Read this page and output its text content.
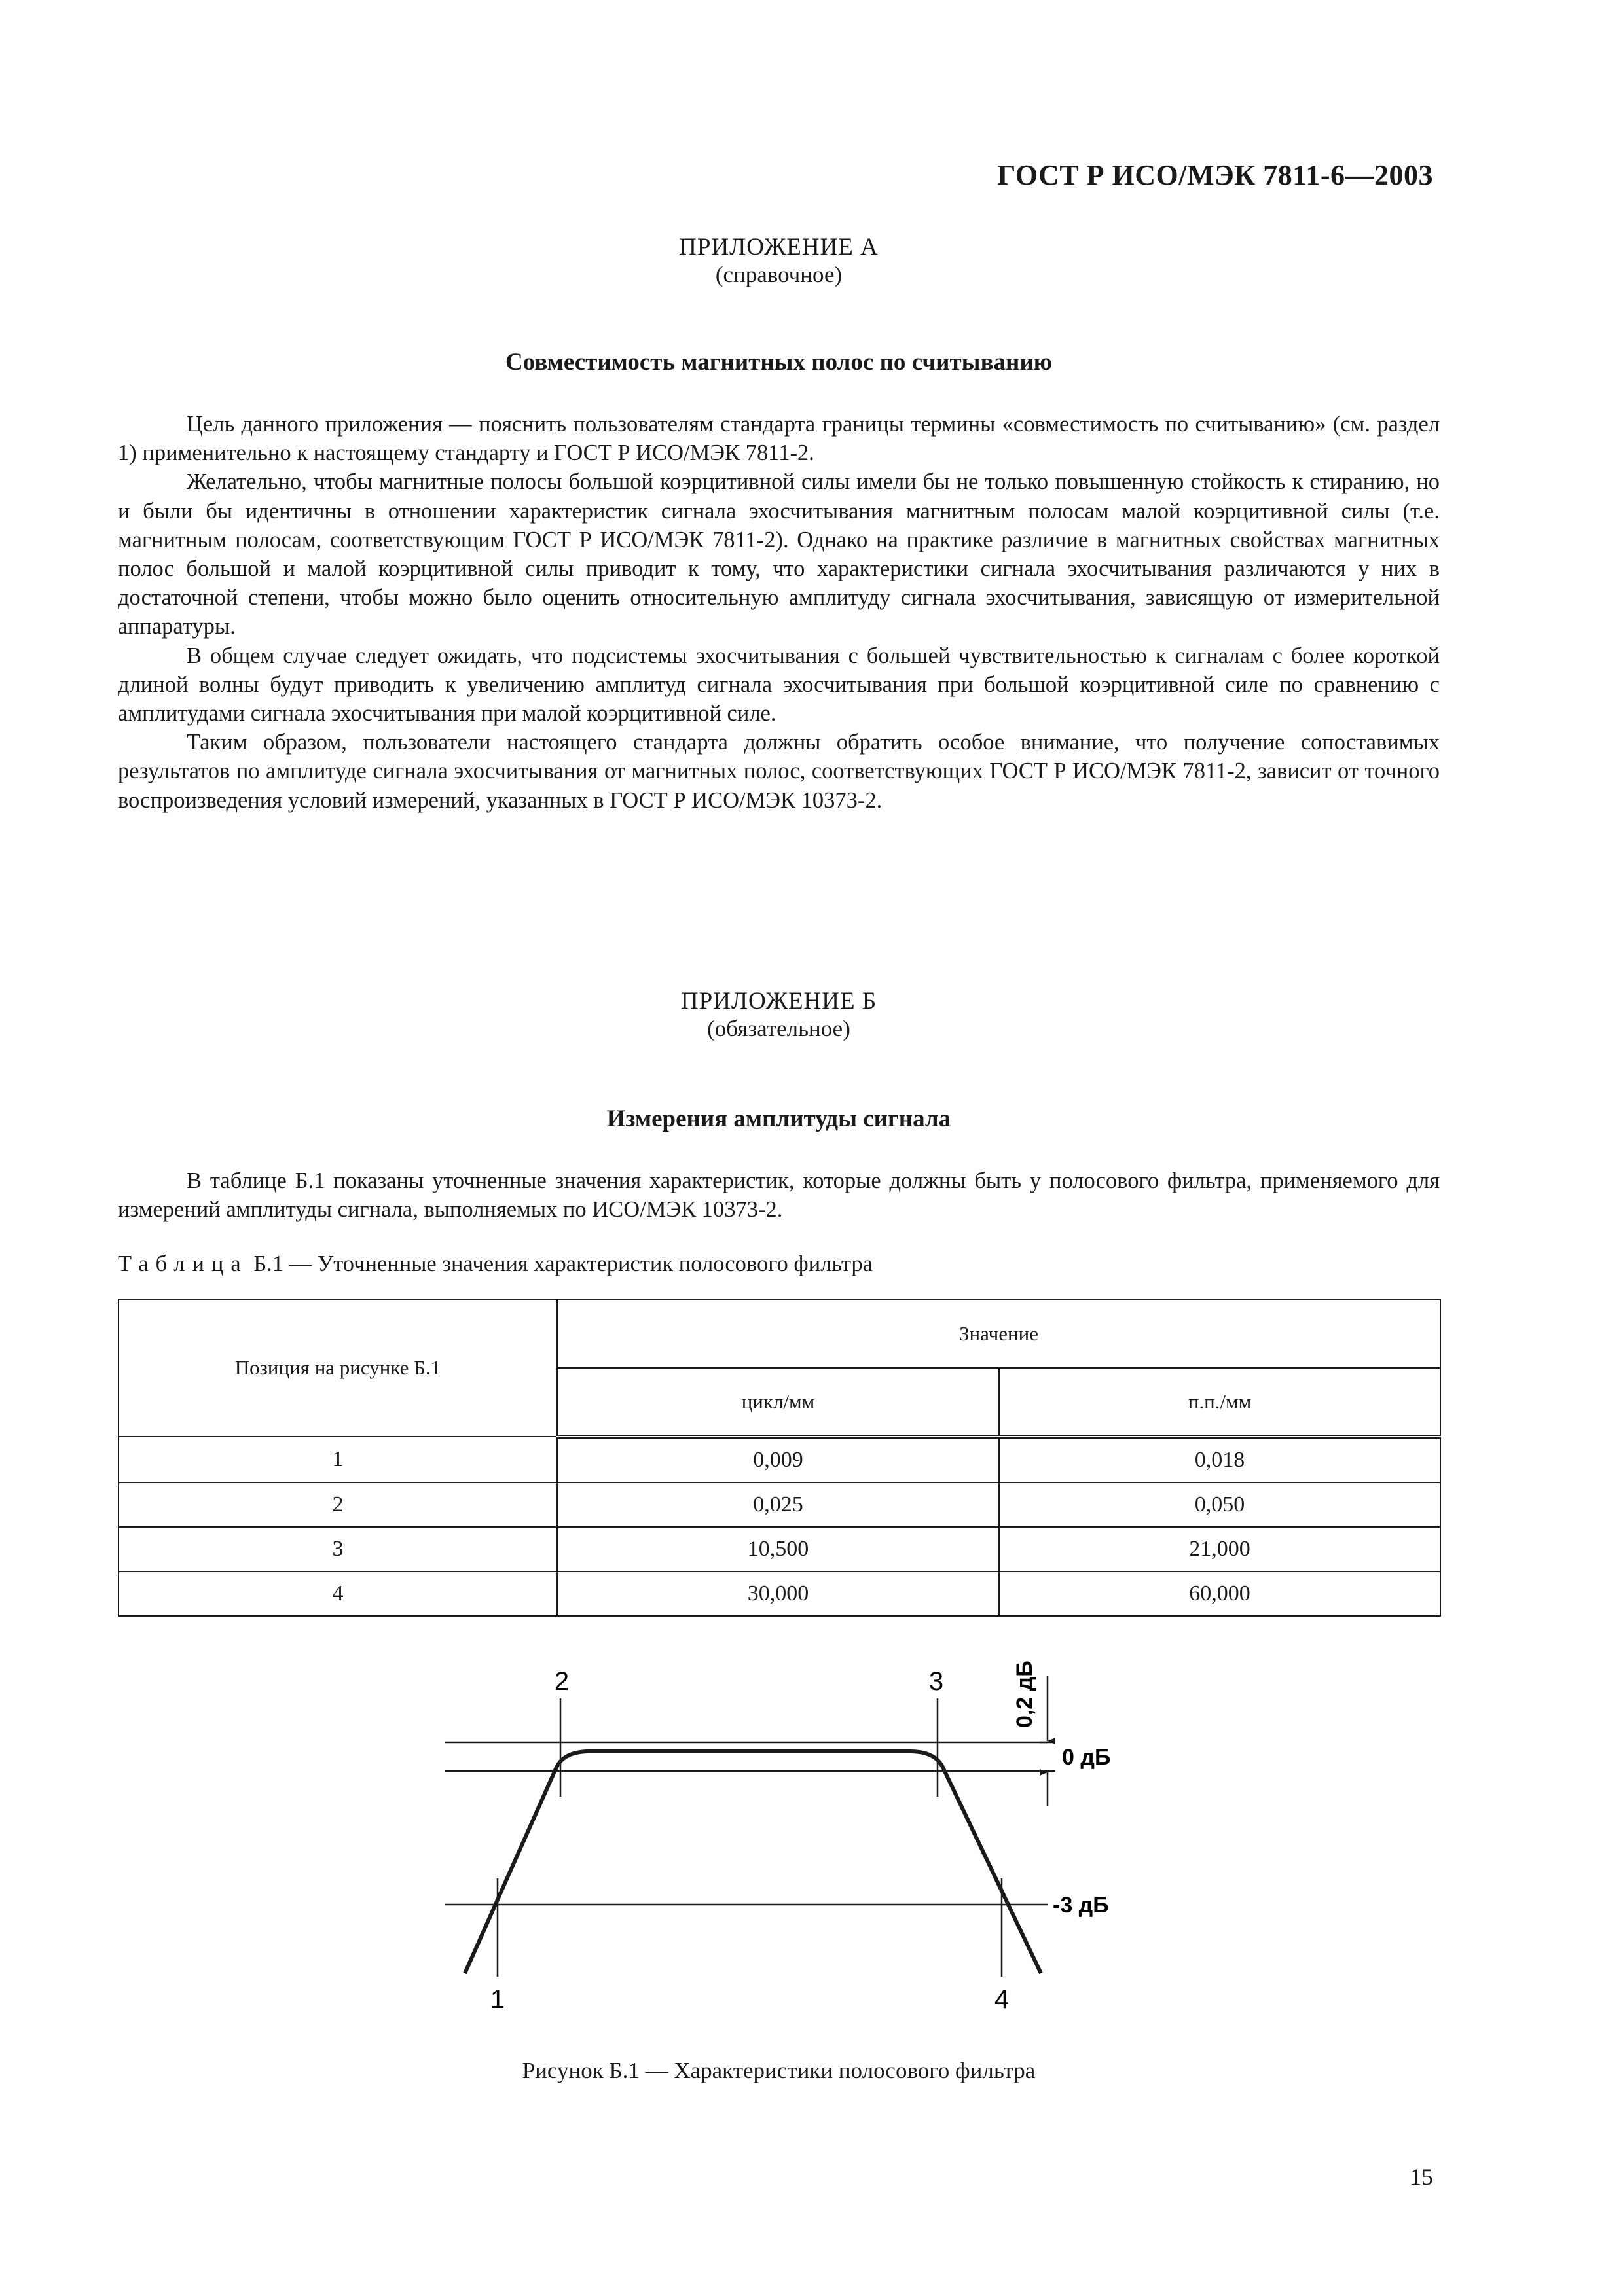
ГОСТ Р ИСО/МЭК 7811-6—2003
ПРИЛОЖЕНИЕ А
(справочное)
Совместимость магнитных полос по считыванию

Цель данного приложения — пояснить пользователям стандарта границы термины «совместимость по считыванию» (см. раздел 1) применительно к настоящему стандарту и ГОСТ Р ИСО/МЭК 7811-2.

Желательно, чтобы магнитные полосы большой коэрцитивной силы имели бы не только повышенную стойкость к стиранию, но и были бы идентичны в отношении характеристик сигнала эхосчитывания магнитным полосам малой коэрцитивной силы (т.е. магнитным полосам, соответствующим ГОСТ Р ИСО/МЭК 7811-2). Однако на практике различие в магнитных свойствах магнитных полос большой и малой коэрцитивной силы приводит к тому, что характеристики сигнала эхосчитывания различаются у них в достаточной степени, чтобы можно было оценить относительную амплитуду сигнала эхосчитывания, зависящую от измерительной аппаратуры.

В общем случае следует ожидать, что подсистемы эхосчитывания с большей чувствительностью к сигналам с более короткой длиной волны будут приводить к увеличению амплитуд сигнала эхосчитывания при большой коэрцитивной силе по сравнению с амплитудами сигнала эхосчитывания при малой коэрцитивной силе.

Таким образом, пользователи настоящего стандарта должны обратить особое внимание, что получение сопоставимых результатов по амплитуде сигнала эхосчитывания от магнитных полос, соответствующих ГОСТ Р ИСО/МЭК 7811-2, зависит от точного воспроизведения условий измерений, указанных в ГОСТ Р ИСО/МЭК 10373-2.

ПРИЛОЖЕНИЕ Б
(обязательное)
Измерения амплитуды сигнала

В таблице Б.1 показаны уточненные значения характеристик, которые должны быть у полосового фильтра, применяемого для измерений амплитуды сигнала, выполняемых по ИСО/МЭК 10373-2.

Таблица Б.1 — Уточненные значения характеристик полосового фильтра
Позиция на рисунке Б.1	Значение	
	цикл/мм	п.п./мм
1	0,009	0,018
2	0,025	0,050
3	10,500	21,000
4	30,000	60,000
2	3
1	4
0,2 дБ
0 дБ
-3 дБ
Рисунок Б.1 — Характеристики полосового фильтра
15
